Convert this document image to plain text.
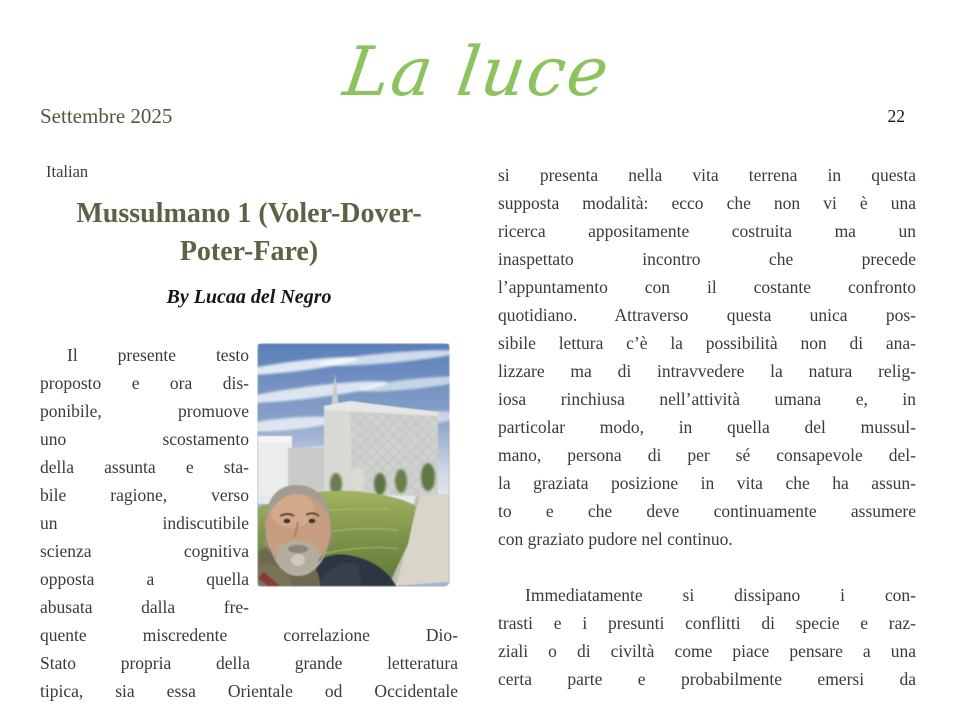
Settembre 2025
La luce
22
Italian
Mussulmano 1 (Voler-Dover-
Poter-Fare)
By Lucaa del Negro
Il presente testo
proposto e ora dis-
ponibile, promuove
uno scostamento
della assunta e sta-
bile ragione, verso
un indiscutibile
scienza cognitiva
opposta a quella
abusata dalla fre-
quente miscredente correlazione Dio-
Stato propria della grande letteratura
tipica, sia essa Orientale od Occidentale
si presenta nella vita terrena in questa
supposta modalità: ecco che non vi è una
ricerca appositamente costruita ma un
inaspettato incontro che precede
l’appuntamento con il costante confronto
quotidiano. Attraverso questa unica pos-
sibile lettura c’è la possibilità non di ana-
lizzare ma di intravvedere la natura relig-
iosa rinchiusa nell’attività umana e, in
particolar modo, in quella del mussul-
mano, persona di per sé consapevole del-
la graziata posizione in vita che ha assun-
to e che deve continuamente assumere
con graziato pudore nel continuo.
Immediatamente si dissipano i con-
trasti e i presunti conflitti di specie e raz-
ziali o di civiltà come piace pensare a una
certa parte e probabilmente emersi da
